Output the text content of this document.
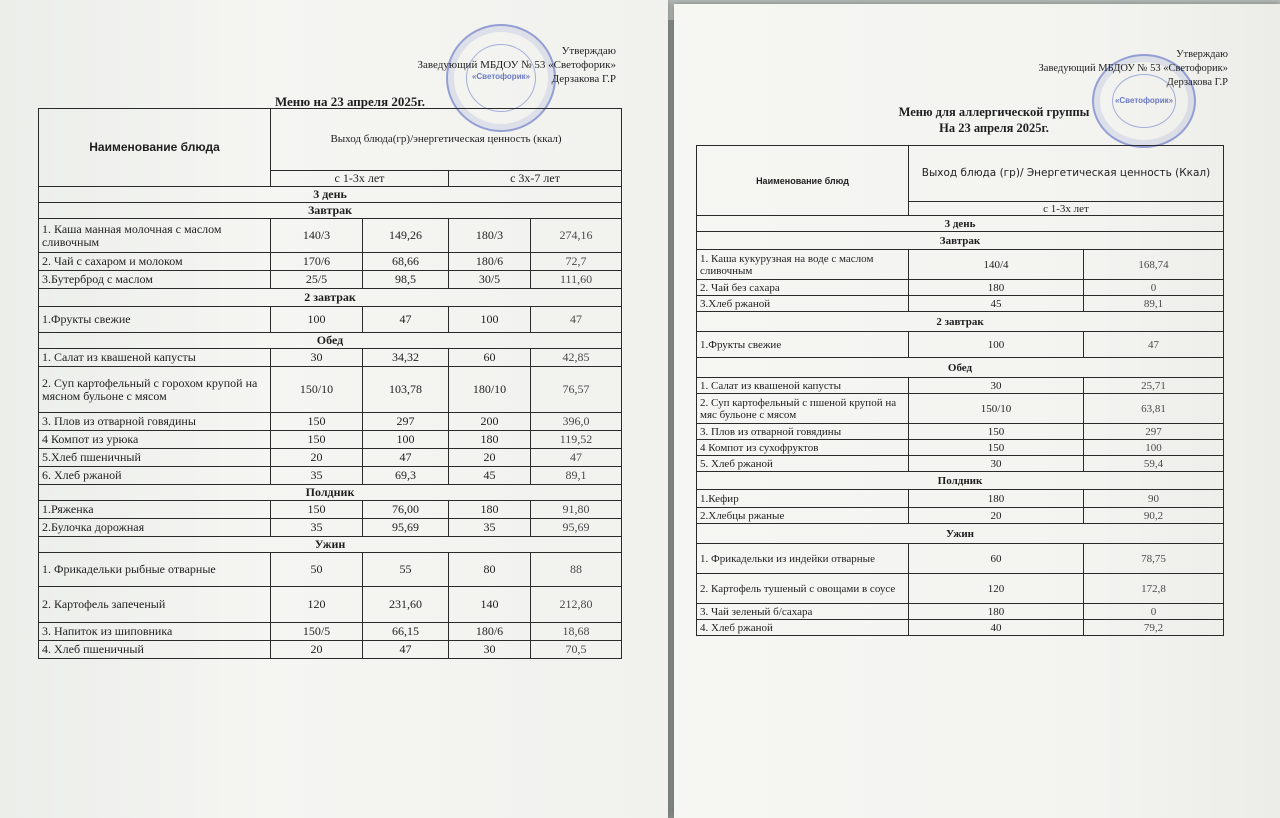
«Светофорик»
Утверждаю
Заведующий МБДОУ № 53 «Светофорик»
Дерзакова Г.Р
Меню на 23 апреля 2025г.
Наименование блюда	Выход блюда(гр)/энергетическая ценность (ккал)			
	с 1-3х лет		с 3х-7 лет	
3 день				
Завтрак				
1. Каша манная молочная с маслом сливочным	140/3	149,26	180/3	274,16
2. Чай с сахаром и молоком	170/6	68,66	180/6	72,7
3.Бутерброд с маслом	25/5	98,5	30/5	111,60
2 завтрак				
1.Фрукты свежие	100	47	100	47
Обед				
1. Салат из квашеной капусты	30	34,32	60	42,85
2. Суп картофельный с горохом крупой на мясном бульоне с мясом	150/10	103,78	180/10	76,57
3. Плов из отварной говядины	150	297	200	396,0
4 Компот из урюка	150	100	180	119,52
5.Хлеб пшеничный	20	47	20	47
6. Хлеб ржаной	35	69,3	45	89,1
Полдник				
1.Ряженка	150	76,00	180	91,80
2.Булочка дорожная	35	95,69	35	95,69
Ужин				
1. Фрикадельки рыбные отварные	50	55	80	88
2. Картофель запеченый	120	231,60	140	212,80
3. Напиток из шиповника	150/5	66,15	180/6	18,68
4. Хлеб пшеничный	20	47	30	70,5
«Светофорик»
Утверждаю
Заведующий МБДОУ № 53 «Светофорик»
Дерзакова Г.Р
Меню для аллергической группы
На 23 апреля 2025г.
Наименование блюд	Выход блюда (гр)/ Энергетическая ценность (Ккал)	
	с 1-3х лет	
3 день		
Завтрак		
1. Каша кукурузная на воде с маслом сливочным	140/4	168,74
2. Чай без сахара	180	0
3.Хлеб ржаной	45	89,1
2 завтрак		
1.Фрукты свежие	100	47
Обед		
1. Салат из квашеной капусты	30	25,71
2. Суп картофельный с пшеной крупой на мяс бульоне с мясом	150/10	63,81
3. Плов из отварной говядины	150	297
4 Компот из сухофруктов	150	100
5. Хлеб ржаной	30	59,4
Полдник		
1.Кефир	180	90
2.Хлебцы ржаные	20	90,2
Ужин		
1. Фрикадельки из индейки отварные	60	78,75
2. Картофель тушеный с овощами в соусе	120	172,8
3. Чай зеленый б/сахара	180	0
4. Хлеб ржаной	40	79,2
